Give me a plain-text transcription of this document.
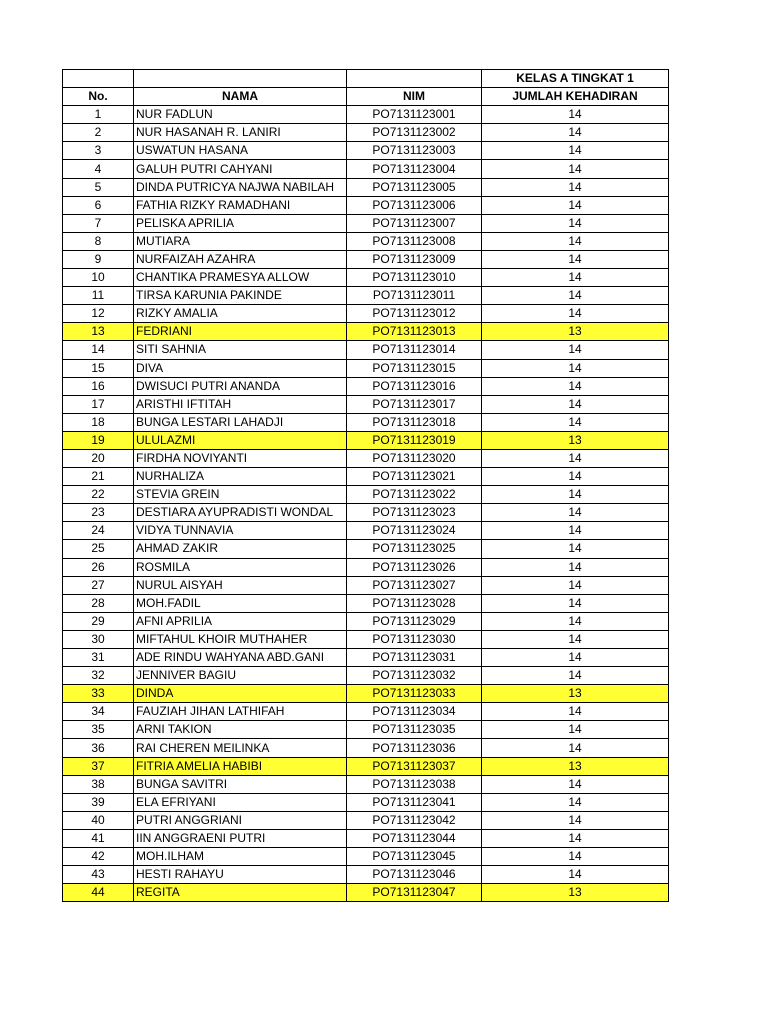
			KELAS A TINGKAT 1
No.	NAMA	NIM	JUMLAH KEHADIRAN
1	NUR FADLUN	PO7131123001	14
2	NUR HASANAH R. LANIRI	PO7131123002	14
3	USWATUN HASANA	PO7131123003	14
4	GALUH PUTRI CAHYANI	PO7131123004	14
5	DINDA PUTRICYA NAJWA NABILAH	PO7131123005	14
6	FATHIA RIZKY RAMADHANI	PO7131123006	14
7	PELISKA APRILIA	PO7131123007	14
8	MUTIARA	PO7131123008	14
9	NURFAIZAH AZAHRA	PO7131123009	14
10	CHANTIKA PRAMESYA ALLOW	PO7131123010	14
11	TIRSA KARUNIA PAKINDE	PO7131123011	14
12	RIZKY AMALIA	PO7131123012	14
13	FEDRIANI	PO7131123013	13
14	SITI SAHNIA	PO7131123014	14
15	DIVA	PO7131123015	14
16	DWISUCI PUTRI ANANDA	PO7131123016	14
17	ARISTHI IFTITAH	PO7131123017	14
18	BUNGA LESTARI LAHADJI	PO7131123018	14
19	ULULAZMI	PO7131123019	13
20	FIRDHA NOVIYANTI	PO7131123020	14
21	NURHALIZA	PO7131123021	14
22	STEVIA GREIN	PO7131123022	14
23	DESTIARA AYUPRADISTI WONDAL	PO7131123023	14
24	VIDYA TUNNAVIA	PO7131123024	14
25	AHMAD ZAKIR	PO7131123025	14
26	ROSMILA	PO7131123026	14
27	NURUL AISYAH	PO7131123027	14
28	MOH.FADIL	PO7131123028	14
29	AFNI APRILIA	PO7131123029	14
30	MIFTAHUL KHOIR MUTHAHER	PO7131123030	14
31	ADE RINDU WAHYANA ABD.GANI	PO7131123031	14
32	JENNIVER BAGIU	PO7131123032	14
33	DINDA	PO7131123033	13
34	FAUZIAH JIHAN LATHIFAH	PO7131123034	14
35	ARNI TAKION	PO7131123035	14
36	RAI CHEREN MEILINKA	PO7131123036	14
37	FITRIA AMELIA HABIBI	PO7131123037	13
38	BUNGA SAVITRI	PO7131123038	14
39	ELA EFRIYANI	PO7131123041	14
40	PUTRI ANGGRIANI	PO7131123042	14
41	IIN ANGGRAENI PUTRI	PO7131123044	14
42	MOH.ILHAM	PO7131123045	14
43	HESTI RAHAYU	PO7131123046	14
44	REGITA	PO7131123047	13
